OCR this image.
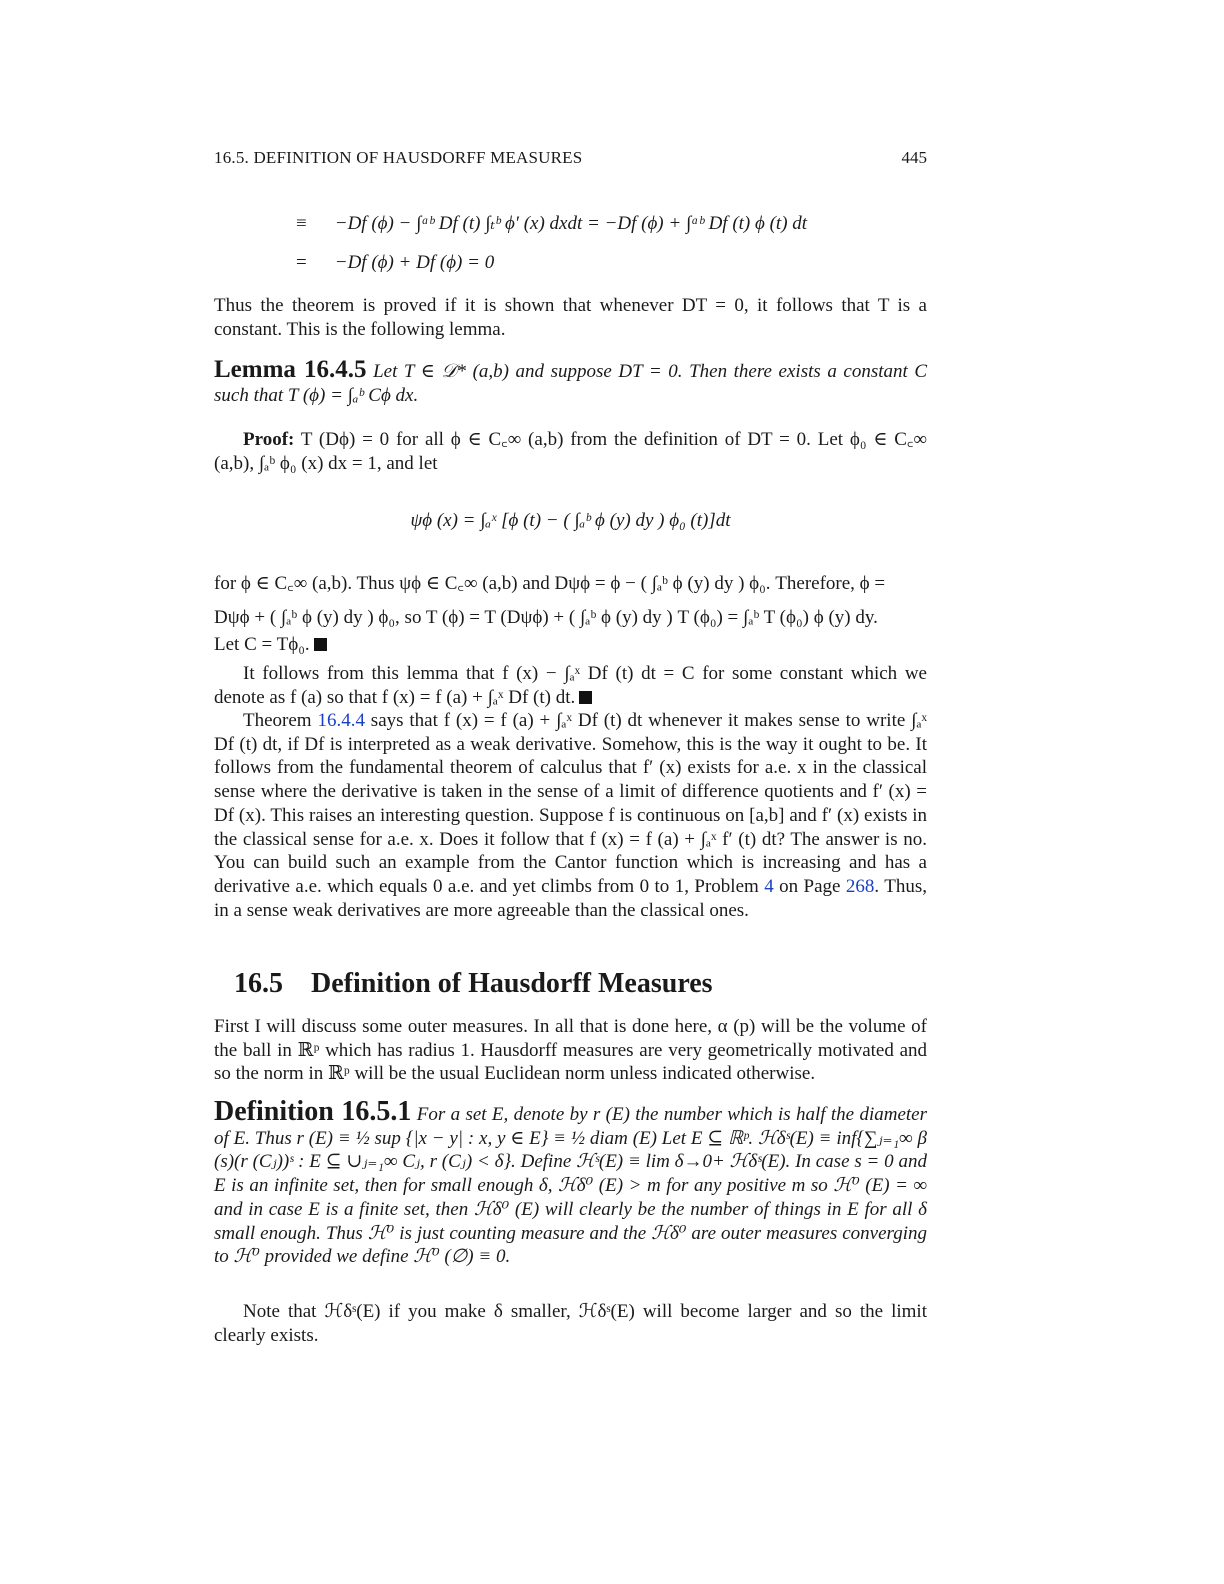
16.5. DEFINITION OF HAUSDORFF MEASURES	445
≡ −Df (ϕ) − ∫ᵃᵇ Df (t) ∫ₜᵇ ϕ′ (x) dxdt = −Df (ϕ) + ∫ᵃᵇ Df (t) ϕ (t) dt
= −Df (ϕ) + Df (ϕ) = 0
Thus the theorem is proved if it is shown that whenever DT = 0, it follows that T is a constant. This is the following lemma.
Lemma 16.4.5 Let T ∈ 𝒟* (a,b) and suppose DT = 0. Then there exists a constant C such that T (ϕ) = ∫ₐᵇ Cϕ dx.
Proof: T (Dϕ) = 0 for all ϕ ∈ C꜀∞ (a,b) from the definition of DT = 0. Let ϕ₀ ∈ C꜀∞ (a,b), ∫ₐᵇ ϕ₀ (x) dx = 1, and let
ψϕ (x) = ∫ₐˣ [ϕ (t) − ( ∫ₐᵇ ϕ (y) dy ) ϕ₀ (t)]dt
for ϕ ∈ C꜀∞ (a,b). Thus ψϕ ∈ C꜀∞ (a,b) and Dψϕ = ϕ − ( ∫ₐᵇ ϕ (y) dy ) ϕ₀. Therefore, ϕ =
Dψϕ + ( ∫ₐᵇ ϕ (y) dy ) ϕ₀, so T (ϕ) = T (Dψϕ) + ( ∫ₐᵇ ϕ (y) dy ) T (ϕ₀) = ∫ₐᵇ T (ϕ₀) ϕ (y) dy.
Let C = Tϕ₀.
It follows from this lemma that f (x) − ∫ₐˣ Df (t) dt = C for some constant which we denote as f (a) so that f (x) = f (a) + ∫ₐˣ Df (t) dt.
Theorem 16.4.4 says that f (x) = f (a) + ∫ₐˣ Df (t) dt whenever it makes sense to write ∫ₐˣ Df (t) dt, if Df is interpreted as a weak derivative. Somehow, this is the way it ought to be. It follows from the fundamental theorem of calculus that f′ (x) exists for a.e. x in the classical sense where the derivative is taken in the sense of a limit of difference quotients and f′ (x) = Df (x). This raises an interesting question. Suppose f is continuous on [a,b] and f′ (x) exists in the classical sense for a.e. x. Does it follow that f (x) = f (a) + ∫ₐˣ f′ (t) dt? The answer is no. You can build such an example from the Cantor function which is increasing and has a derivative a.e. which equals 0 a.e. and yet climbs from 0 to 1, Problem 4 on Page 268. Thus, in a sense weak derivatives are more agreeable than the classical ones.
16.5 Definition of Hausdorff Measures
First I will discuss some outer measures. In all that is done here, α (p) will be the volume of the ball in ℝᵖ which has radius 1. Hausdorff measures are very geometrically motivated and so the norm in ℝᵖ will be the usual Euclidean norm unless indicated otherwise.
Definition 16.5.1 For a set E, denote by r (E) the number which is half the diameter of E. Thus r (E) ≡ ½ sup {|x − y| : x, y ∈ E} ≡ ½ diam (E) Let E ⊆ ℝᵖ. ℋδˢ(E) ≡ inf{∑ⱼ₌₁∞ β (s)(r (Cⱼ))ˢ : E ⊆ ∪ⱼ₌₁∞ Cⱼ, r (Cⱼ) < δ}. Define ℋˢ(E) ≡ lim δ→0+ ℋδˢ(E). In case s = 0 and E is an infinite set, then for small enough δ, ℋδ⁰ (E) > m for any positive m so ℋ⁰ (E) = ∞ and in case E is a finite set, then ℋδ⁰ (E) will clearly be the number of things in E for all δ small enough. Thus ℋ⁰ is just counting measure and the ℋδ⁰ are outer measures converging to ℋ⁰ provided we define ℋ⁰ (∅) ≡ 0.
Note that ℋδˢ(E) if you make δ smaller, ℋδˢ(E) will become larger and so the limit clearly exists.
